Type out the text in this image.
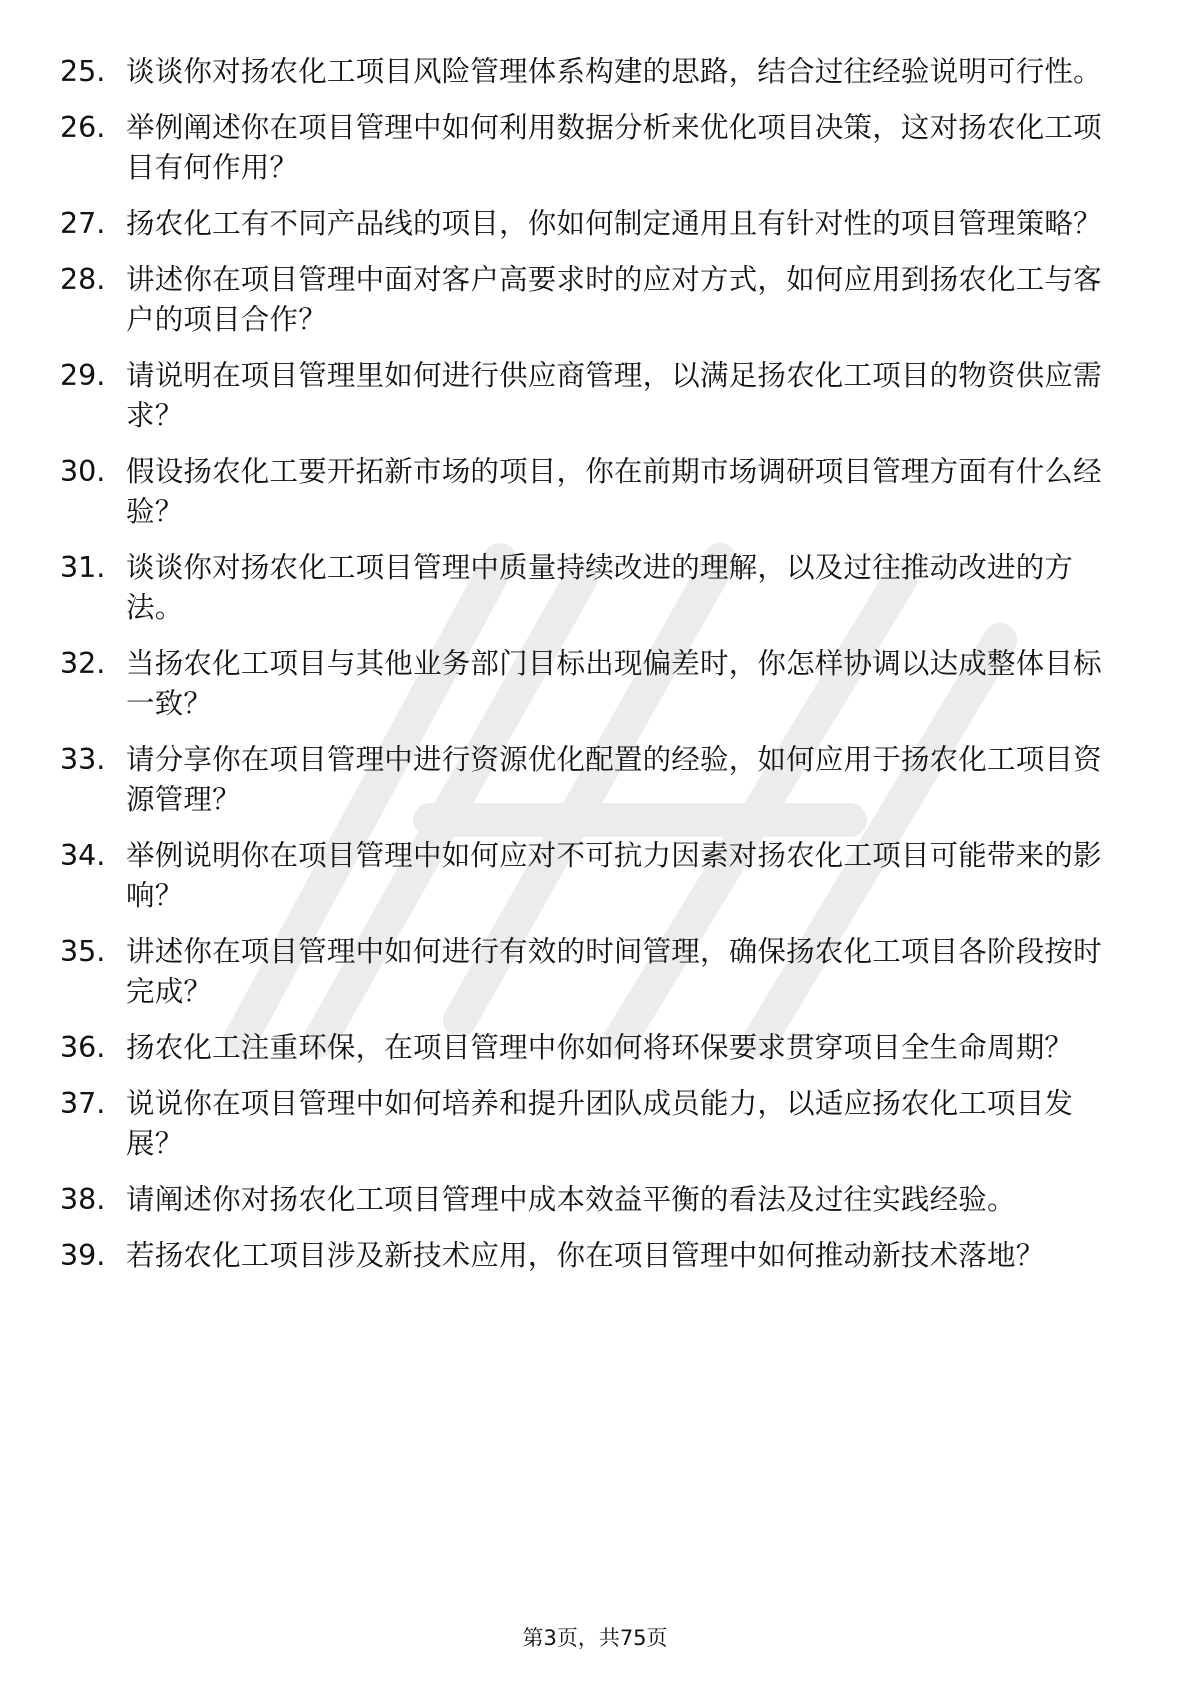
25. 谈谈你对扬农化工项目风险管理体系构建的思路，结合过往经验说明可行性。
26. 举例阐述你在项目管理中如何利用数据分析来优化项目决策，这对扬农化工项目有何作用？
27. 扬农化工有不同产品线的项目，你如何制定通用且有针对性的项目管理策略？
28. 讲述你在项目管理中面对客户高要求时的应对方式，如何应用到扬农化工与客户的项目合作？
29. 请说明在项目管理里如何进行供应商管理，以满足扬农化工项目的物资供应需求？
30. 假设扬农化工要开拓新市场的项目，你在前期市场调研项目管理方面有什么经验？
31. 谈谈你对扬农化工项目管理中质量持续改进的理解，以及过往推动改进的方法。
32. 当扬农化工项目与其他业务部门目标出现偏差时，你怎样协调以达成整体目标一致？
33. 请分享你在项目管理中进行资源优化配置的经验，如何应用于扬农化工项目资源管理？
34. 举例说明你在项目管理中如何应对不可抗力因素对扬农化工项目可能带来的影响？
35. 讲述你在项目管理中如何进行有效的时间管理，确保扬农化工项目各阶段按时完成？
36. 扬农化工注重环保，在项目管理中你如何将环保要求贯穿项目全生命周期？
37. 说说你在项目管理中如何培养和提升团队成员能力，以适应扬农化工项目发展？
38. 请阐述你对扬农化工项目管理中成本效益平衡的看法及过往实践经验。
39. 若扬农化工项目涉及新技术应用，你在项目管理中如何推动新技术落地？
第3页，共75页
